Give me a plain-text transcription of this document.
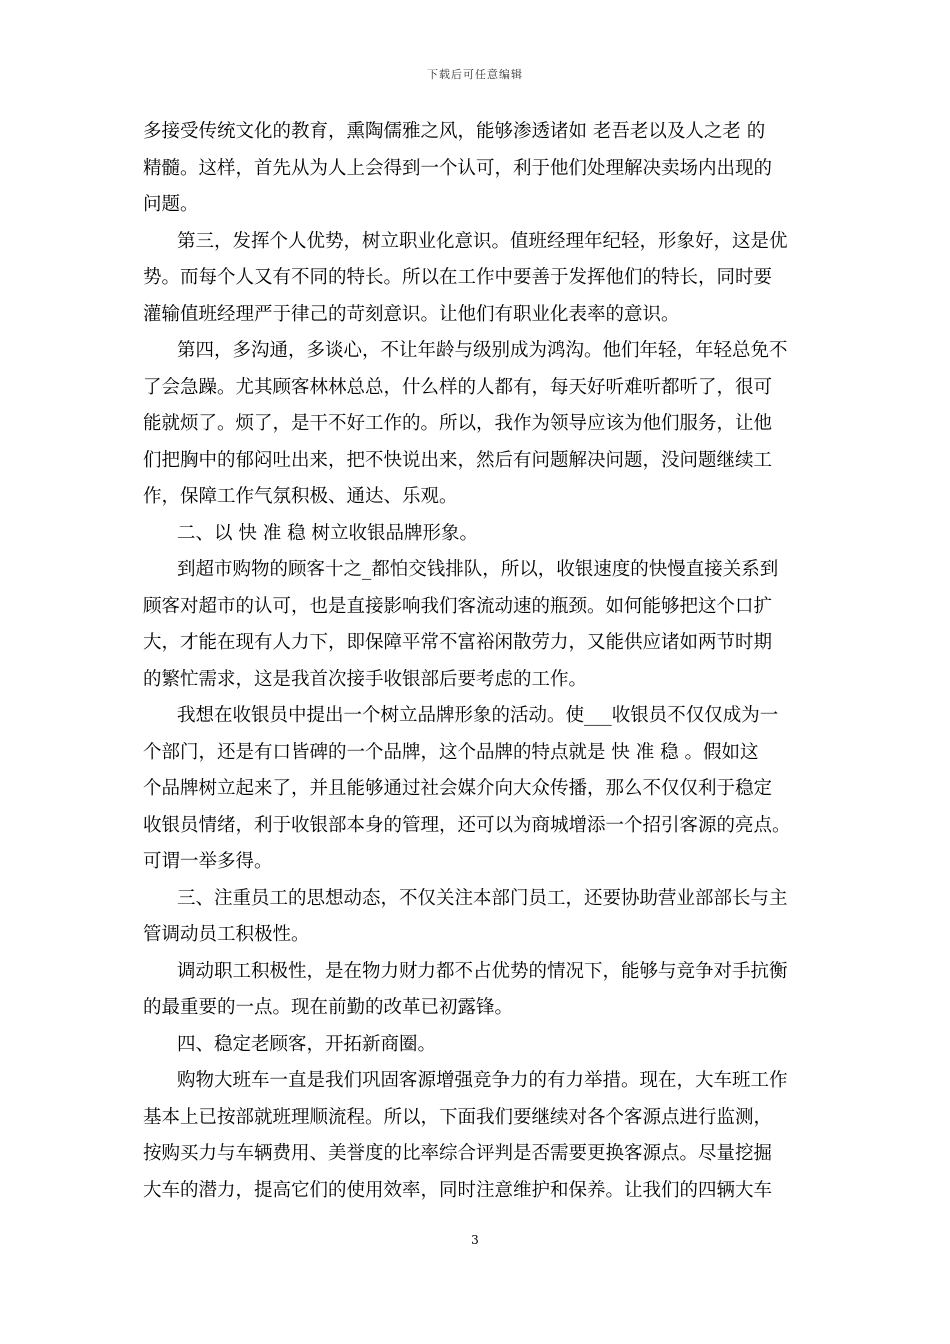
下载后可任意编辑
多接受传统文化的教育，熏陶儒雅之风，能够渗透诸如 老吾老以及人之老 的
精髓。这样，首先从为人上会得到一个认可，利于他们处理解决卖场内出现的
问题。
第三，发挥个人优势，树立职业化意识。值班经理年纪轻，形象好，这是优
势。而每个人又有不同的特长。所以在工作中要善于发挥他们的特长，同时要
灌输值班经理严于律己的苛刻意识。让他们有职业化表率的意识。
第四，多沟通，多谈心，不让年龄与级别成为鸿沟。他们年轻，年轻总免不
了会急躁。尤其顾客林林总总，什么样的人都有，每天好听难听都听了，很可
能就烦了。烦了，是干不好工作的。所以，我作为领导应该为他们服务，让他
们把胸中的郁闷吐出来，把不快说出来，然后有问题解决问题，没问题继续工
作，保障工作气氛积极、通达、乐观。
二、以 快 准 稳 树立收银品牌形象。
到超市购物的顾客十之_都怕交钱排队，所以，收银速度的快慢直接关系到
顾客对超市的认可，也是直接影响我们客流动速的瓶颈。如何能够把这个口扩
大，才能在现有人力下，即保障平常不富裕闲散劳力，又能供应诸如两节时期
的繁忙需求，这是我首次接手收银部后要考虑的工作。
我想在收银员中提出一个树立品牌形象的活动。使___收银员不仅仅成为一
个部门，还是有口皆碑的一个品牌，这个品牌的特点就是 快 准 稳 。假如这
个品牌树立起来了，并且能够通过社会媒介向大众传播，那么不仅仅利于稳定
收银员情绪，利于收银部本身的管理，还可以为商城增添一个招引客源的亮点。
可谓一举多得。
三、注重员工的思想动态，不仅关注本部门员工，还要协助营业部部长与主
管调动员工积极性。
调动职工积极性，是在物力财力都不占优势的情况下，能够与竞争对手抗衡
的最重要的一点。现在前勤的改革已初露锋。
四、稳定老顾客，开拓新商圈。
购物大班车一直是我们巩固客源增强竞争力的有力举措。现在，大车班工作
基本上已按部就班理顺流程。所以，下面我们要继续对各个客源点进行监测，
按购买力与车辆费用、美誉度的比率综合评判是否需要更换客源点。尽量挖掘
大车的潜力，提高它们的使用效率，同时注意维护和保养。让我们的四辆大车
3
